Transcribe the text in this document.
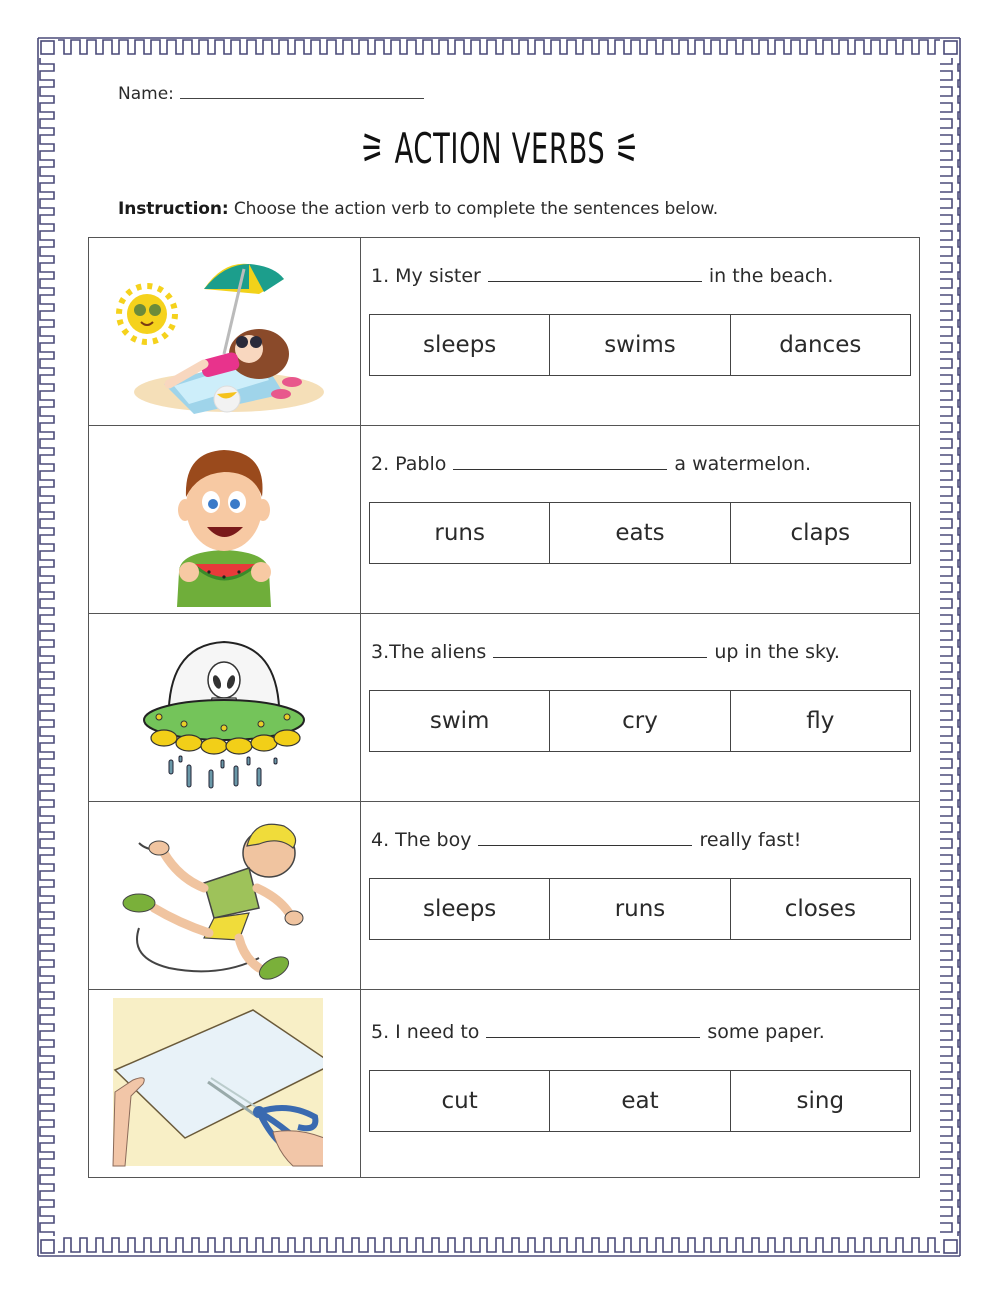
Name:
⚞ ACTION VERBS ⚟
Instruction: Choose the action verb to complete the sentences below.

1. My sister in the beach.
sleeps swims dances

2. Pablo a watermelon.
runs eats claps

3.The aliens up in the sky.
swim cry fly

4. The boy really fast!
sleeps runs closes

5. I need to some paper.
cut eat sing
